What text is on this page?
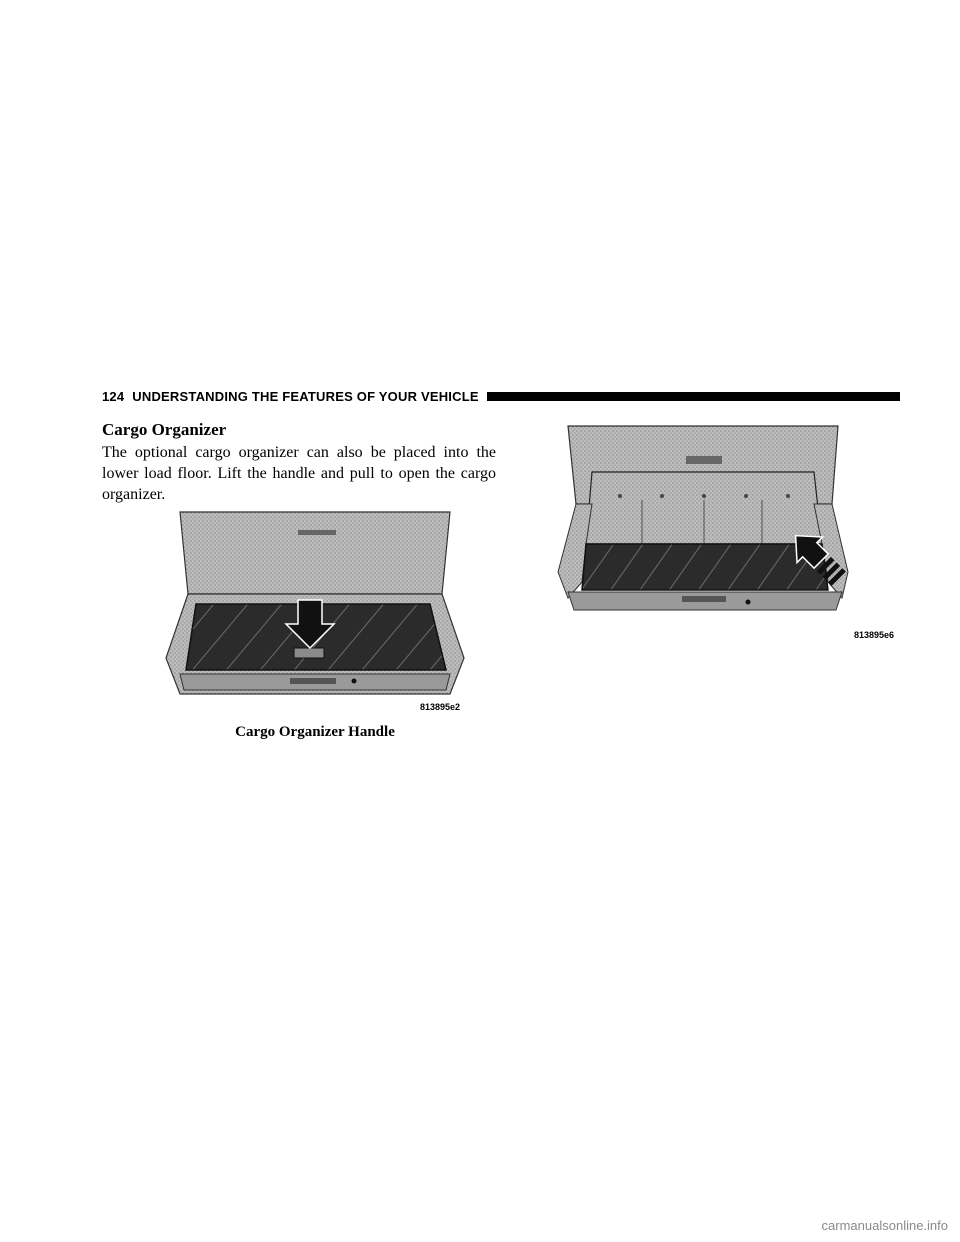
124 UNDERSTANDING THE FEATURES OF YOUR VEHICLE
Cargo Organizer
The optional cargo organizer can also be placed into the lower load floor. Lift the handle and pull to open the cargo organizer.
813895e2
Cargo Organizer Handle
813895e6
carmanualsonline.info
